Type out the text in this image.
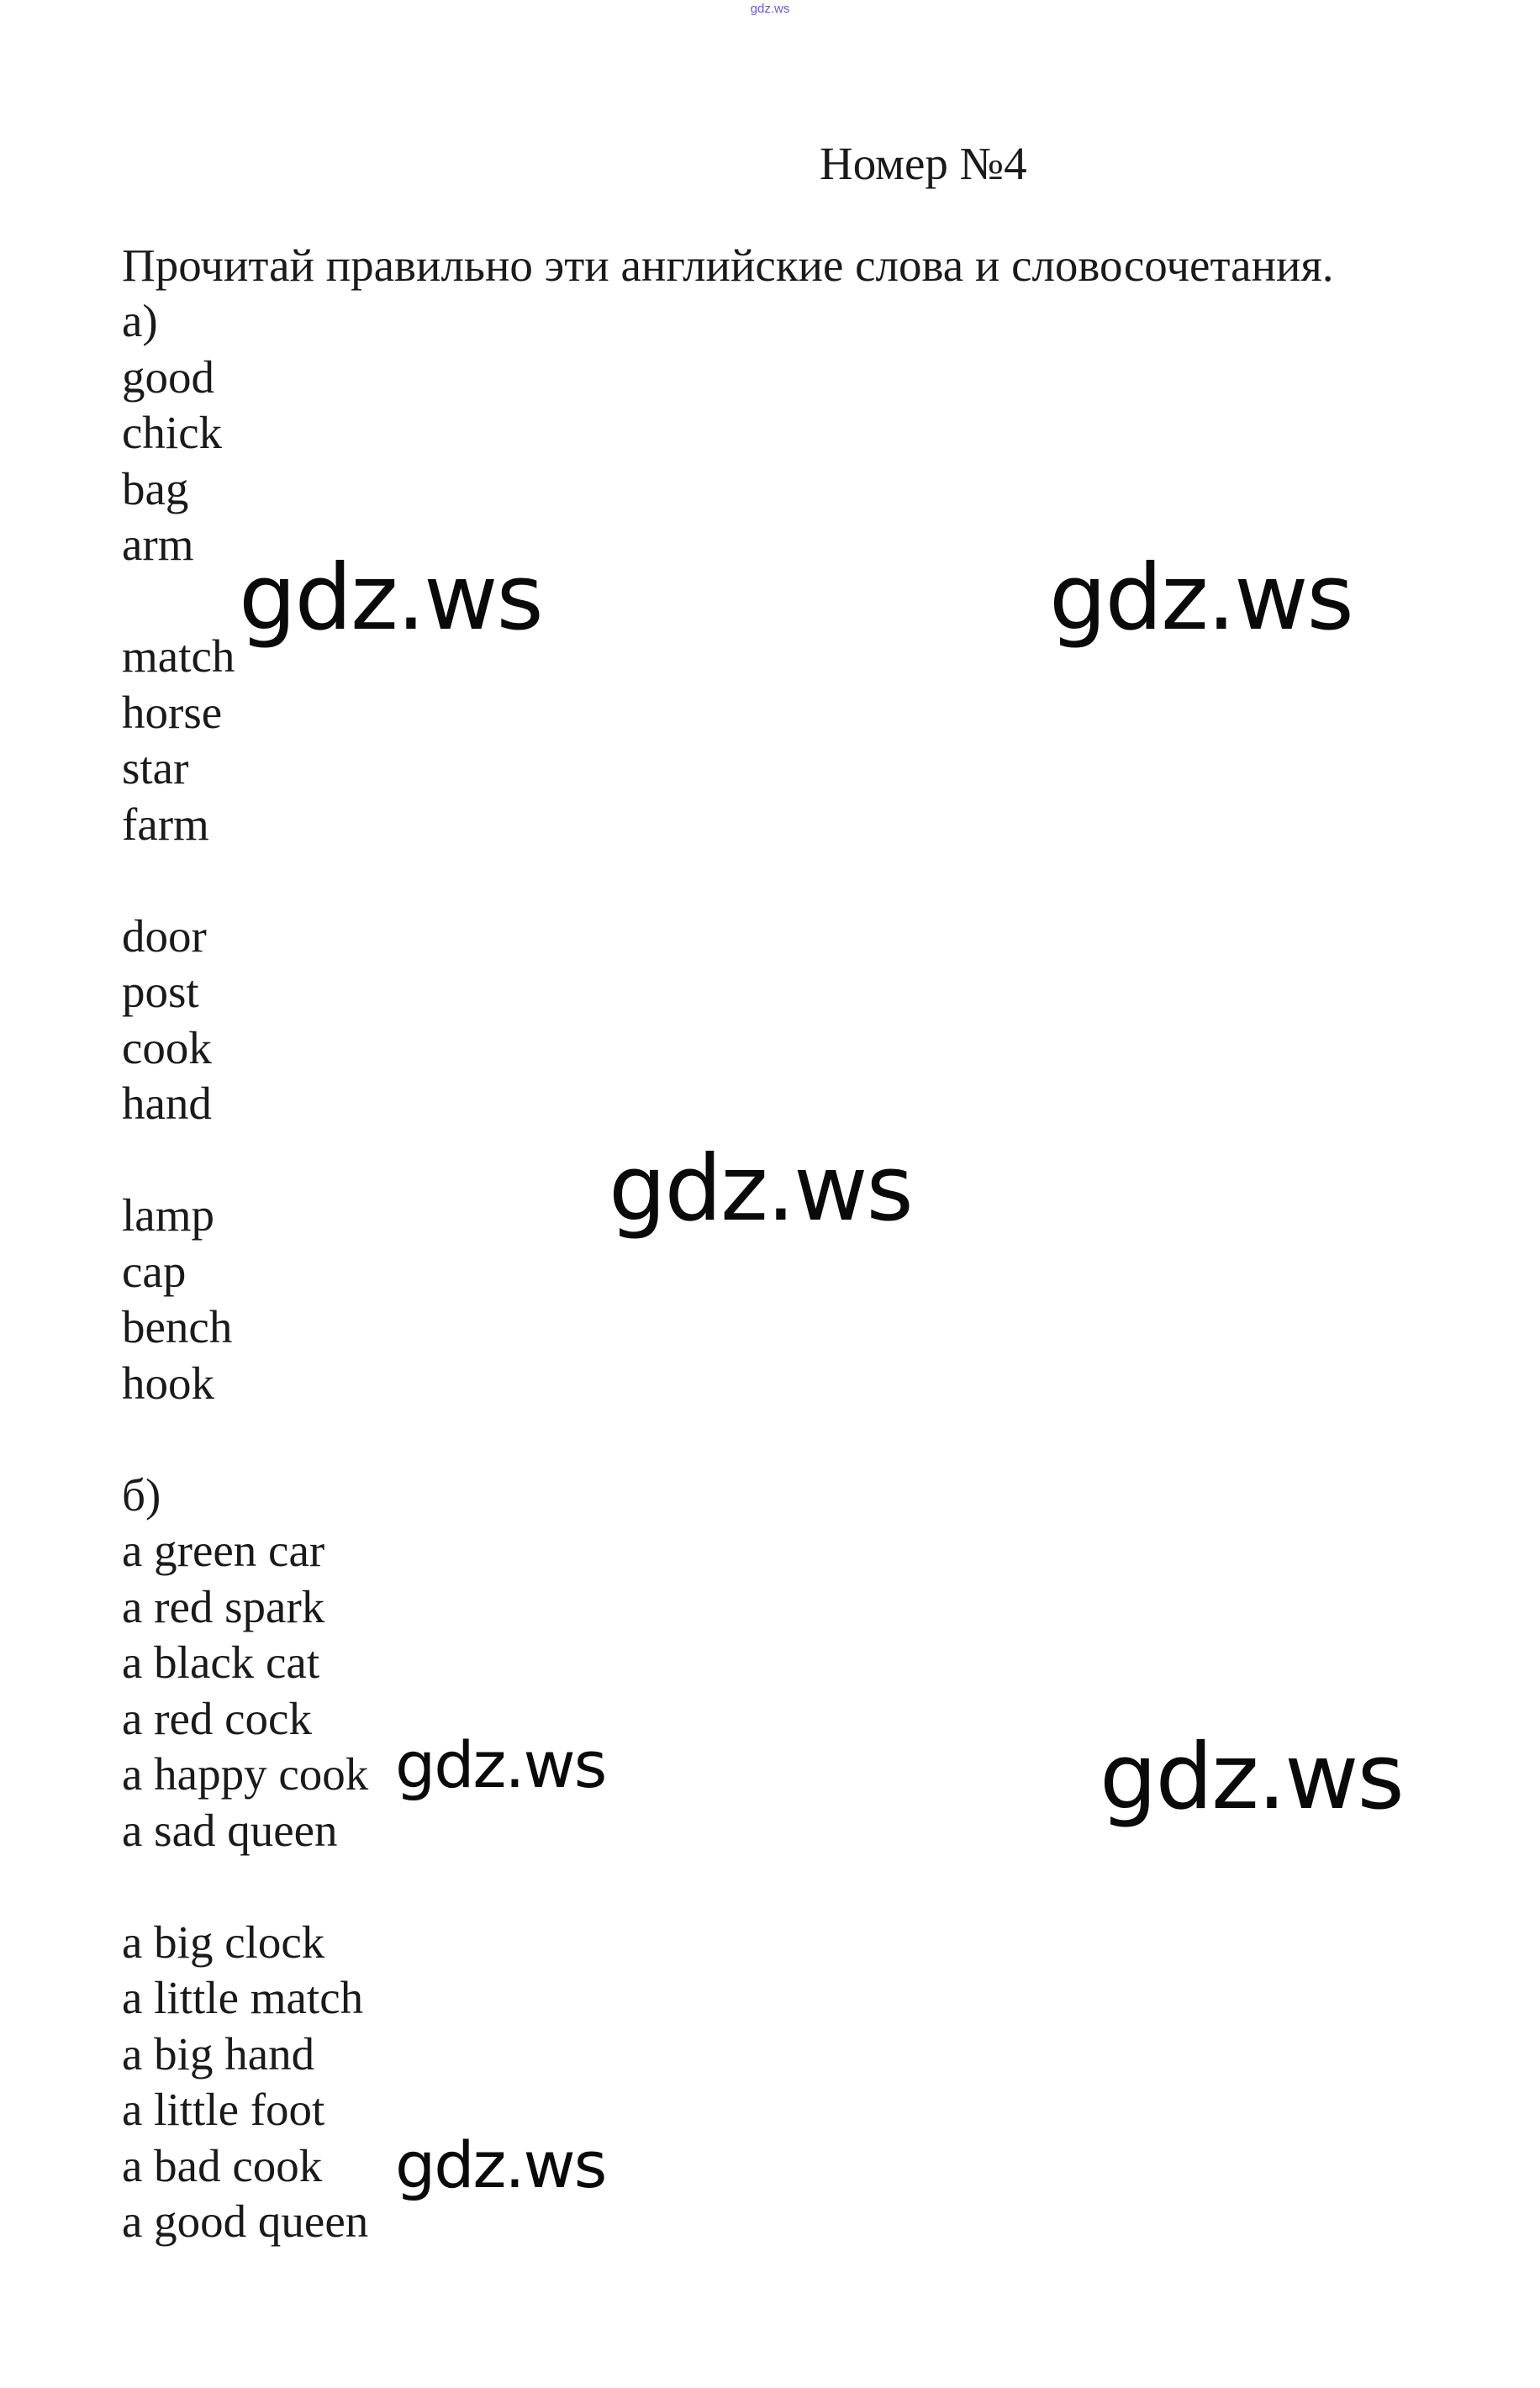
gdz.ws
Номер №4
Прочитай правильно эти английские слова и словосочетания.
а)
good
chick
bag
arm
match
horse
star
farm
door
post
cook
hand
lamp
cap
bench
hook
б)
a green car
a red spark
a black cat
a red cock
a happy cook
a sad queen
a big clock
a little match
a big hand
a little foot
a bad cook
a good queen
gdz.ws	gdz.ws
gdz.ws
gdz.ws	gdz.ws
gdz.ws
